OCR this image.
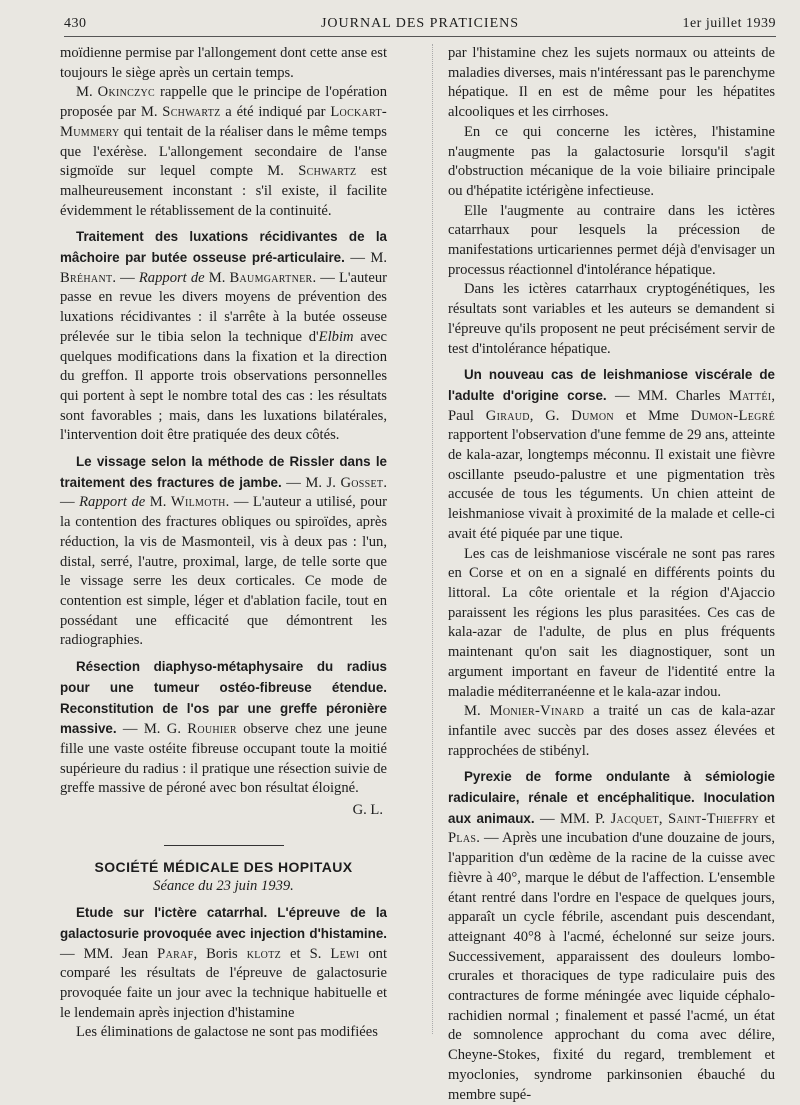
430	JOURNAL DES PRATICIENS	1er juillet 1939

moïdienne permise par l'allongement dont cette anse est toujours le siège après un certain temps.

M. Okinczyc rappelle que le principe de l'opération proposée par M. Schwartz a été indiqué par Lockart-Mummery qui tentait de la réaliser dans le même temps que l'exérèse. L'allongement secondaire de l'anse sigmoïde sur lequel compte M. Schwartz est malheureusement inconstant : s'il existe, il facilite évidemment le rétablissement de la continuité.

Traitement des luxations récidivantes de la mâchoire par butée osseuse pré-articulaire. — M. Bréhant. — Rapport de M. Baumgartner. — L'auteur passe en revue les divers moyens de prévention des luxations récidivantes : il s'arrête à la butée osseuse prélevée sur le tibia selon la technique d'Elbim avec quelques modifications dans la fixation et la direction du greffon. Il apporte trois observations personnelles qui portent à sept le nombre total des cas : les résultats sont favorables ; mais, dans les luxations bilatérales, l'intervention doit être pratiquée des deux côtés.

Le vissage selon la méthode de Rissler dans le traitement des fractures de jambe. — M. J. Gosset. — Rapport de M. Wilmoth. — L'auteur a utilisé, pour la contention des fractures obliques ou spiroïdes, après réduction, la vis de Masmonteil, vis à deux pas : l'un, distal, serré, l'autre, proximal, large, de telle sorte que le vissage serre les deux corticales. Ce mode de contention est simple, léger et d'ablation facile, tout en possédant une efficacité que démontrent les radiographies.

Résection diaphyso-métaphysaire du radius pour une tumeur ostéo-fibreuse étendue. Reconstitution de l'os par une greffe péronière massive. — M. G. Rouhier observe chez une jeune fille une vaste ostéite fibreuse occupant toute la moitié supérieure du radius : il pratique une résection suivie de greffe massive de péroné avec bon résultat éloigné.

G. L.

SOCIÉTÉ MÉDICALE DES HOPITAUX

Séance du 23 juin 1939.

Etude sur l'ictère catarrhal. L'épreuve de la galactosurie provoquée avec injection d'histamine. — MM. Jean Paraf, Boris klotz et S. Lewi ont comparé les résultats de l'épreuve de galactosurie provoquée faite un jour avec la technique habituelle et le lendemain après injection d'histamine

Les éliminations de galactose ne sont pas modifiées

par l'histamine chez les sujets normaux ou atteints de maladies diverses, mais n'intéressant pas le parenchyme hépatique. Il en est de même pour les hépatites alcooliques et les cirrhoses.

En ce qui concerne les ictères, l'histamine n'augmente pas la galactosurie lorsqu'il s'agit d'obstruction mécanique de la voie biliaire principale ou d'hépatite ictérigène infectieuse.

Elle l'augmente au contraire dans les ictères catarrhaux pour lesquels la précession de manifestations urticariennes permet déjà d'envisager un processus réactionnel d'intolérance hépatique.

Dans les ictères catarrhaux cryptogénétiques, les résultats sont variables et les auteurs se demandent si l'épreuve qu'ils proposent ne peut précisément servir de test d'intolérance hépatique.

Un nouveau cas de leishmaniose viscérale de l'adulte d'origine corse. — MM. Charles Mattéi, Paul Giraud, G. Dumon et Mme Dumon-Legré rapportent l'observation d'une femme de 29 ans, atteinte de kala-azar, longtemps méconnu. Il existait une fièvre oscillante pseudo-palustre et une pigmentation très accusée de tous les téguments. Un chien atteint de leishmaniose vivait à proximité de la malade et celle-ci avait été piquée par une tique.

Les cas de leishmaniose viscérale ne sont pas rares en Corse et on en a signalé en différents points du littoral. La côte orientale et la région d'Ajaccio paraissent les régions les plus parasitées. Ces cas de kala-azar de l'adulte, de plus en plus fréquents maintenant qu'on sait les diagnostiquer, sont un argument important en faveur de l'identité entre la maladie méditerranéenne et le kala-azar indou.

M. Monier-Vinard a traité un cas de kala-azar infantile avec succès par des doses assez élevées et rapprochées de stibényl.

Pyrexie de forme ondulante à sémiologie radiculaire, rénale et encéphalitique. Inoculation aux animaux. — MM. P. Jacquet, Saint-Thieffry et Plas. — Après une incubation d'une douzaine de jours, l'apparition d'un œdème de la racine de la cuisse avec fièvre à 40°, marque le début de l'affection. L'ensemble étant rentré dans l'ordre en l'espace de quelques jours, apparaît un cycle fébrile, ascendant puis descendant, atteignant 40°8 à l'acmé, échelonné sur seize jours. Successivement, apparaissent des douleurs lombo-crurales et thoraciques de type radiculaire puis des contractures de forme méningée avec liquide céphalo-rachidien normal ; finalement et passé l'acmé, un état de somnolence approchant du coma avec délire, Cheyne-Stokes, fixité du regard, tremblement et myoclonies, syndrome parkinsonien ébauché du membre supé-
